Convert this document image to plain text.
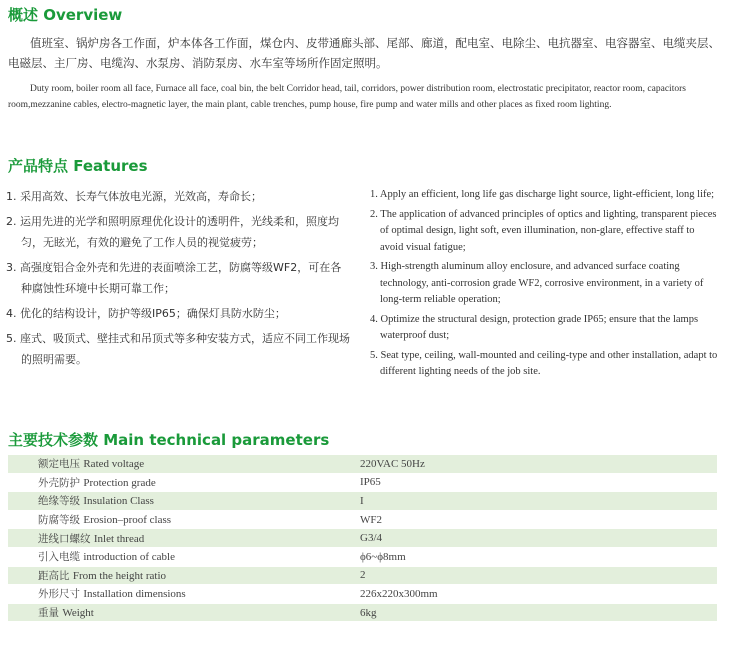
概述 Overview

值班室、锅炉房各工作面，炉本体各工作面，煤仓内、皮带通廊头部、尾部、廊道，配电室、电除尘、电抗器室、电容器室、电缆夹层、电磁层、主厂房、电缆沟、水泵房、消防泵房、水车室等场所作固定照明。

Duty room, boiler room all face, Furnace all face, coal bin, the belt Corridor head, tail, corridors, power distribution room, electrostatic precipitator, reactor room, capacitors room,mezzanine cables, electro-magnetic layer, the main plant, cable trenches, pump house, fire pump and water mills and other places as fixed room lighting.

产品特点 Features
1. 采用高效、长寿气体放电光源，光效高，寿命长；
2. 运用先进的光学和照明原理优化设计的透明件，光线柔和，照度均匀，无眩光，有效的避免了工作人员的视觉疲劳；
3. 高强度铝合金外壳和先进的表面喷涂工艺，防腐等级WF2，可在各种腐蚀性环境中长期可靠工作；
4. 优化的结构设计，防护等级IP65；确保灯具防水防尘；
5. 座式、吸顶式、壁挂式和吊顶式等多种安装方式，适应不同工作现场的照明需要。
1. Apply an efficient, long life gas discharge light source, light-efficient, long life;
2. The application of advanced principles of optics and lighting, transparent pieces of optimal design, light soft, even illumination, non-glare, effective staff to avoid visual fatigue;
3. High-strength aluminum alloy enclosure, and advanced surface coating technology, anti-corrosion grade WF2, corrosive environment, in a variety of long-term reliable operation;
4. Optimize the structural design, protection grade IP65; ensure that the lamps waterproof dust;
5. Seat type, ceiling, wall-mounted and ceiling-type and other installation, adapt to different lighting needs of the job site.
主要技术参数 Main technical parameters
额定电压 Rated voltage	220VAC 50Hz
外壳防护 Protection grade	IP65
绝缘等级 Insulation Class	I
防腐等级 Erosion–proof class	WF2
进线口螺纹 Inlet thread	G3/4
引入电缆 introduction of cable	ϕ6~ϕ8mm
距高比 From the height ratio	2
外形尺寸 Installation dimensions	226x220x300mm
重量 Weight	6kg
